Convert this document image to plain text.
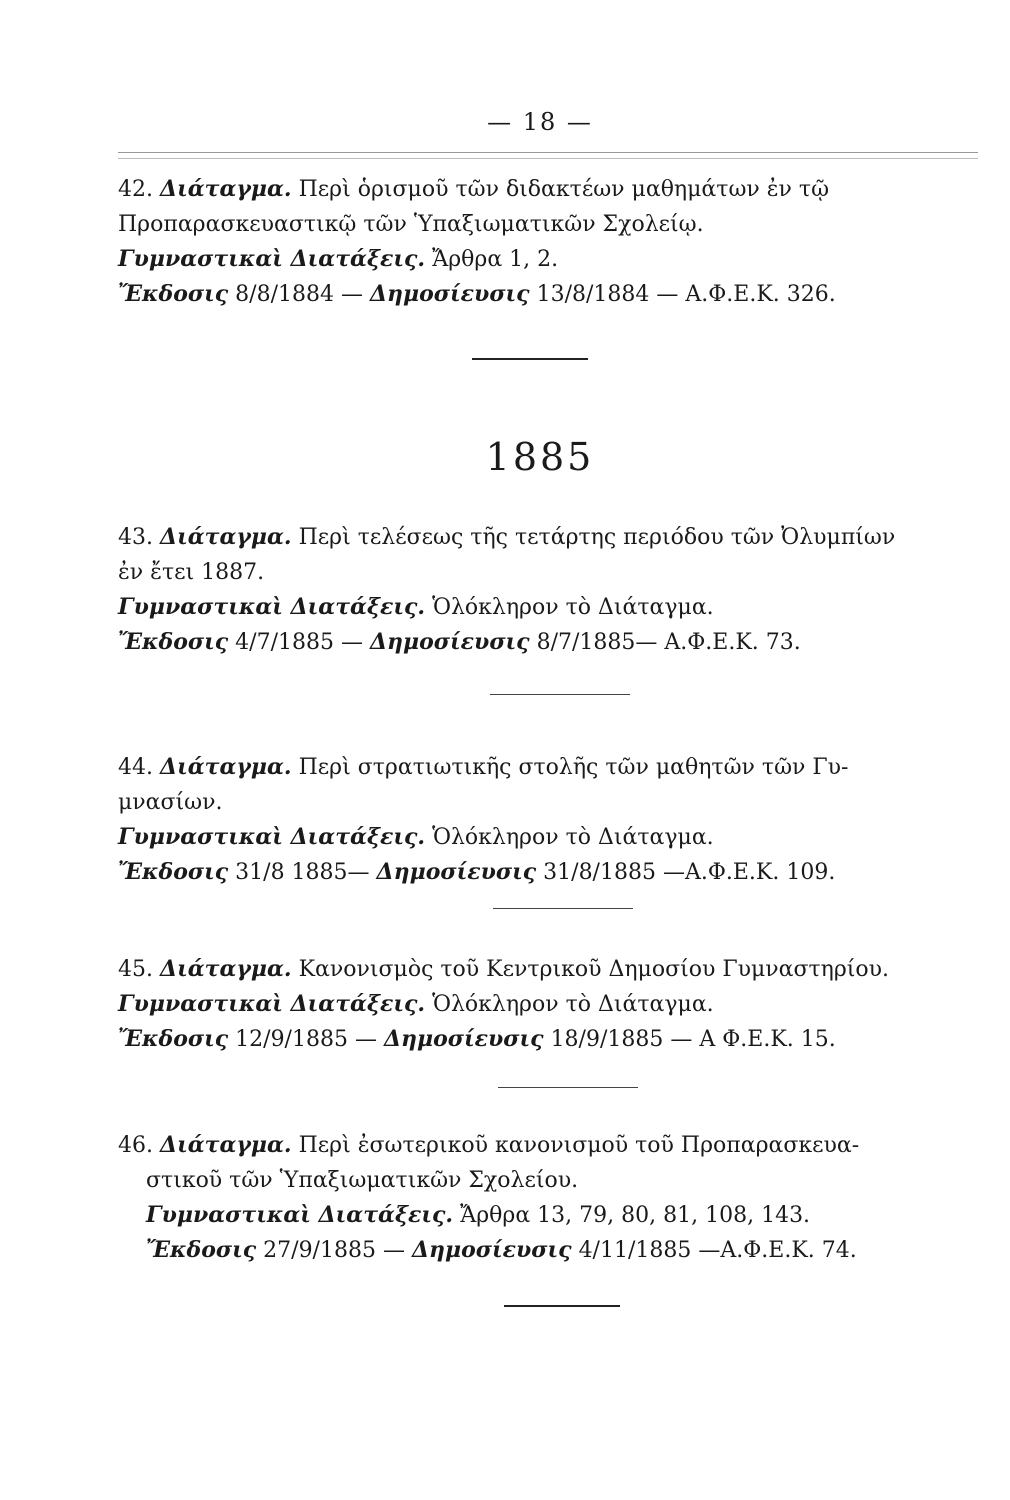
— 18 —
42. Διάταγμα. Περὶ ὁρισμοῦ τῶν διδακτέων μαθημάτων ἐν τῷ
Προπαρασκευαστικῷ τῶν Ὑπαξιωματικῶν Σχολείῳ.
Γυμναστικαὶ Διατάξεις. Ἄρθρα 1, 2.
Ἔκδοσις 8/8/1884 — Δημοσίευσις 13/8/1884 — Α.Φ.Ε.Κ. 326.
1885
43. Διάταγμα. Περὶ τελέσεως τῆς τετάρτης περιόδου τῶν Ὀλυμπίων
ἐν ἔτει 1887.
Γυμναστικαὶ Διατάξεις. Ὁλόκληρον τὸ Διάταγμα.
Ἔκδοσις 4/7/1885 — Δημοσίευσις 8/7/1885— Α.Φ.Ε.Κ. 73.
44. Διάταγμα. Περὶ στρατιωτικῆς στολῆς τῶν μαθητῶν τῶν Γυ-
μνασίων.
Γυμναστικαὶ Διατάξεις. Ὁλόκληρον τὸ Διάταγμα.
Ἔκδοσις 31/8 1885— Δημοσίευσις 31/8/1885 —Α.Φ.Ε.Κ. 109.
45. Διάταγμα. Κανονισμὸς τοῦ Κεντρικοῦ Δημοσίου Γυμναστηρίου.
Γυμναστικαὶ Διατάξεις. Ὁλόκληρον τὸ Διάταγμα.
Ἔκδοσις 12/9/1885 — Δημοσίευσις 18/9/1885 — Α Φ.Ε.Κ. 15.
46. Διάταγμα. Περὶ ἐσωτερικοῦ κανονισμοῦ τοῦ Προπαρασκευα-
στικοῦ τῶν Ὑπαξιωματικῶν Σχολείου.
Γυμναστικαὶ Διατάξεις. Ἄρθρα 13, 79, 80, 81, 108, 143.
Ἔκδοσις 27/9/1885 — Δημοσίευσις 4/11/1885 —Α.Φ.Ε.Κ. 74.
